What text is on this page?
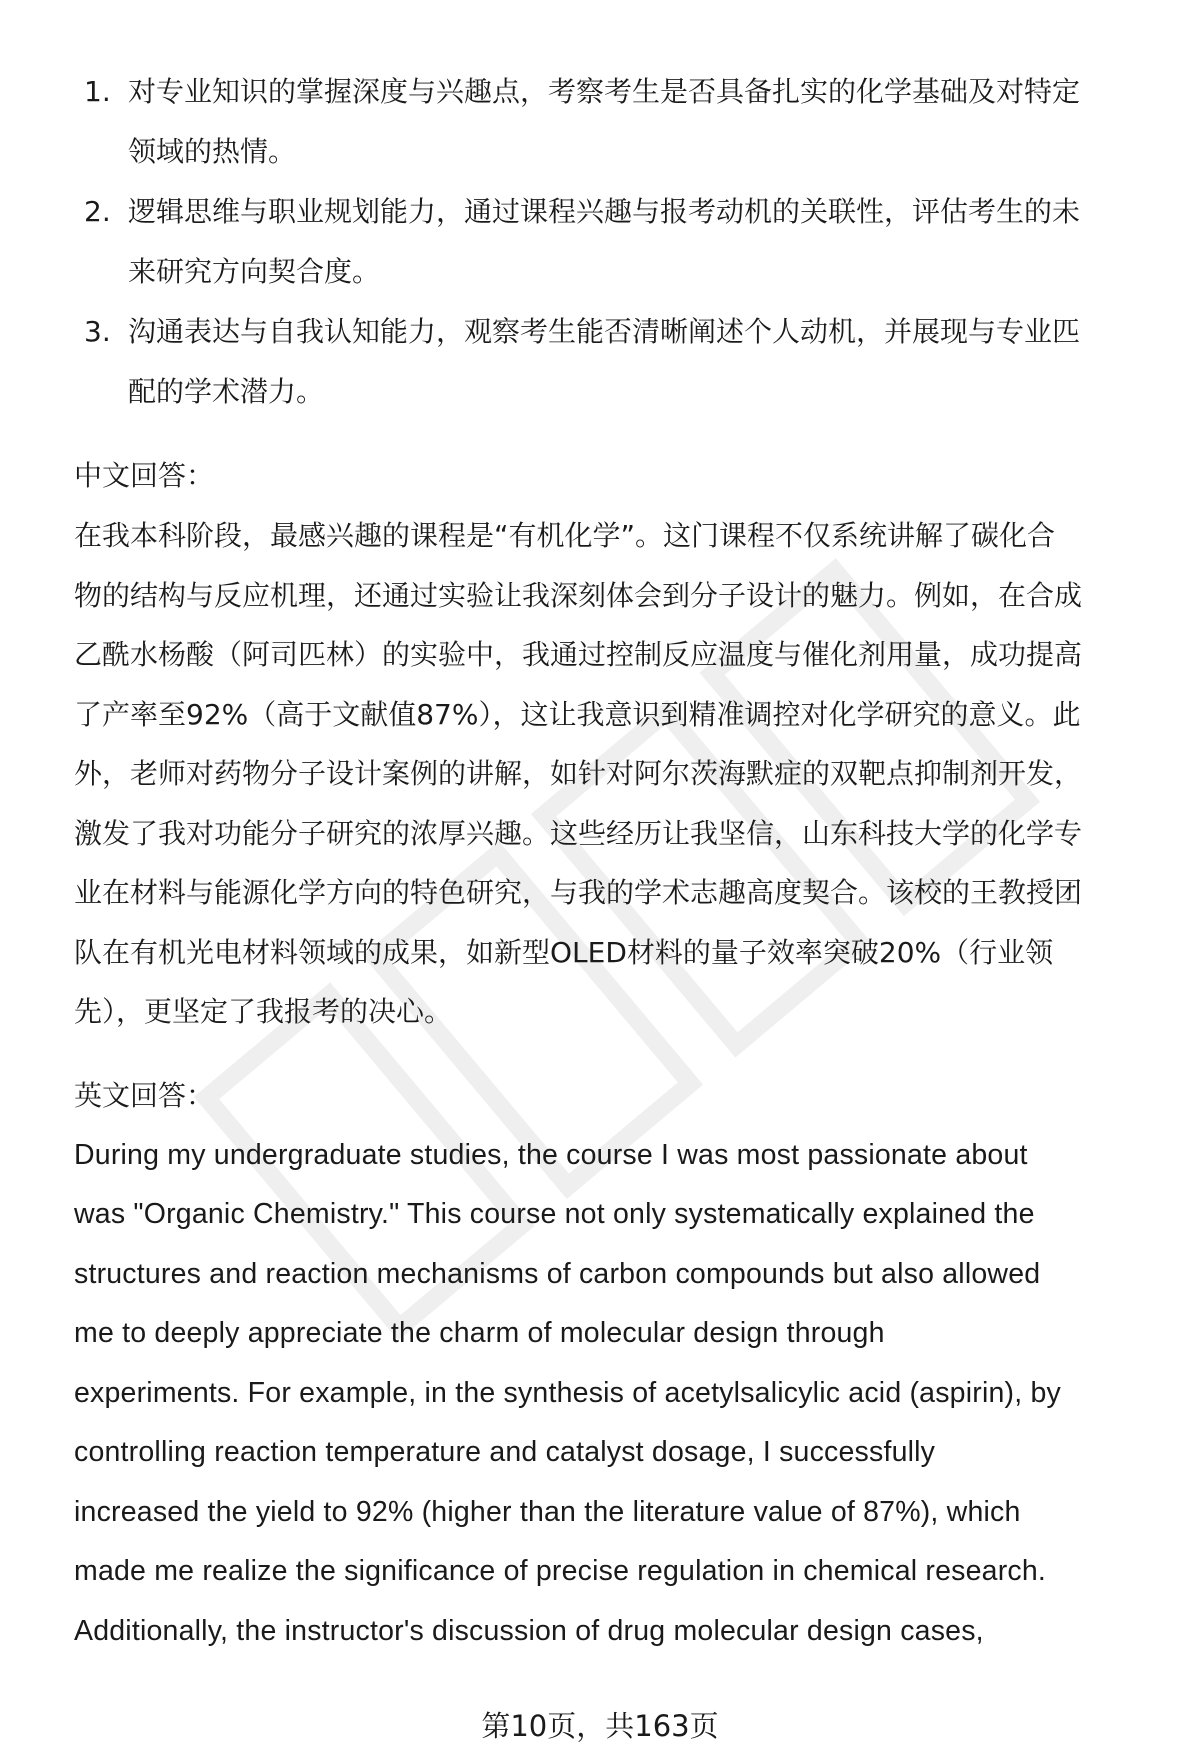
1. 对专业知识的掌握深度与兴趣点，考察考生是否具备扎实的化学基础及对特定
领域的热情。
2. 逻辑思维与职业规划能力，通过课程兴趣与报考动机的关联性，评估考生的未
来研究方向契合度。
3. 沟通表达与自我认知能力，观察考生能否清晰阐述个人动机，并展现与专业匹
配的学术潜力。
中文回答：
在我本科阶段，最感兴趣的课程是“有机化学”。这门课程不仅系统讲解了碳化合
物的结构与反应机理，还通过实验让我深刻体会到分子设计的魅力。例如，在合成
乙酰水杨酸（阿司匹林）的实验中，我通过控制反应温度与催化剂用量，成功提高
了产率至92%（高于文献值87%），这让我意识到精准调控对化学研究的意义。此
外，老师对药物分子设计案例的讲解，如针对阿尔茨海默症的双靶点抑制剂开发，
激发了我对功能分子研究的浓厚兴趣。这些经历让我坚信，山东科技大学的化学专
业在材料与能源化学方向的特色研究，与我的学术志趣高度契合。该校的王教授团
队在有机光电材料领域的成果，如新型OLED材料的量子效率突破20%（行业领
先），更坚定了我报考的决心。
英文回答：
During my undergraduate studies, the course I was most passionate about
was "Organic Chemistry." This course not only systematically explained the
structures and reaction mechanisms of carbon compounds but also allowed
me to deeply appreciate the charm of molecular design through
experiments. For example, in the synthesis of acetylsalicylic acid (aspirin), by
controlling reaction temperature and catalyst dosage, I successfully
increased the yield to 92% (higher than the literature value of 87%), which
made me realize the significance of precise regulation in chemical research.
Additionally, the instructor's discussion of drug molecular design cases,
第10页，共163页
